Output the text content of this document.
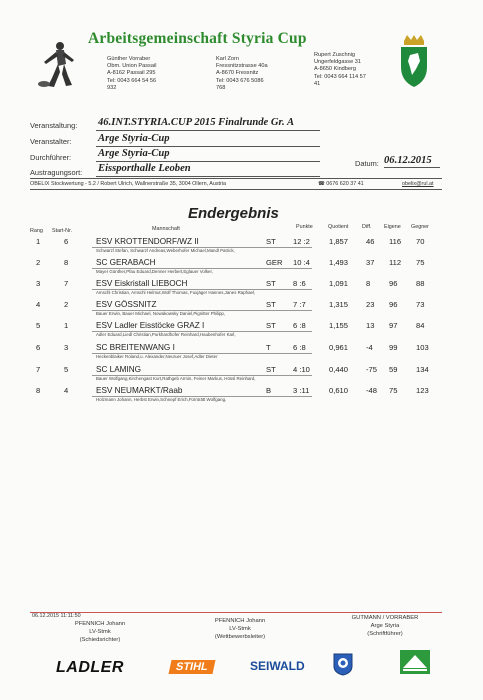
Arbeitsgemeinschaft Styria Cup
Günther Vorraber
Obm. Union Passail
A-8162 Passail 295
Tel: 0043 664 54 56
932
Karl Zorn
Fressnitzstrasse 40a
A-8670 Fressnitz
Tel: 0043 676 5086
768
Rupert Zuschnig
Ungerfeldgasse 31
A-8650 Kindberg
Tel: 0043 664 114 57
41
Veranstaltung: 46.INT.STYRIA.CUP 2015 Finalrunde Gr. A
Veranstalter:	Arge Styria-Cup
Durchführer:	Arge Styria-Cup
Austragungsort: Eissporthalle Leoben	Datum: 06.12.2015
OBELIX Stockwertung - 5.2 / Robert Ulrich, Wallnerstraße 35, 3004 Ollern, Austria	☎ 0676 620 37 41	obelix@rul.at
Endergebnis
Rang Start-Nr.	Mannschaft	Punkte	Quotient	Diff. Eigene Gegner
1	6	ESV KROTTENDORF/WZ II	ST 12 :2	1,857 46 116 70
Schwarzl Stefan, Schwarzl Andreas,Weberhofer Michael,Mandl Patrick,
2	8	SC GERABACH	GER 10 :4	1,493 37 112 75
Mayer Günther,Pfau Eduard,Denner Herbert,Eglauer Volker,
3	7	ESV Eiskristall LIEBOCH	ST 8 :6	1,091 8 96 88
Amschl Christian, Amschl Helmut,Wolf Thomas, Fuxjäger Hannes,Janes Raphael,
4	2	ESV GÖSSNITZ	ST 7 :7	1,315 23 96 73
Bauer Erwin, Bauer Michael, Nowakowsky Daniel,Pignitter Philipp,
5	1	ESV Ladler Eisstöcke GRAZ I	ST 6 :8	1,155 13 97 84
Adler Eduard,Liedl Christian,Purkhardhofer Reinhard,Haubenhofer Karl,
6	3	SC BREITENWANG I	T	6 :8	0,961 -4 99 103
Heckenblaiker Roland,u. Alexander,Neuruer Josef,Adler Dieter
7	5	SC LAMING	ST 4 :10	0,440 -75 59 134
Bauer Wolfgang,Kirchengast Kurt,Rathgeb Armin, Feiner Markus, Hössl Reinhard,
8	4	ESV NEUMARKT/Raab	B	3 :11	0,610 -48 75 123
Holzmann Johann, Herbst Erwin,Schnepf Erich,Fürnträtt Wolfgang,
06.12.2015 11:11:50
PFENNICH Johann
LV-Stmk
(Schiedsrichter)
PFENNICH Johann
LV-Stmk
(Wettbewerbsleiter)
GUTMANN / VORRABER
Arge Styria
(Schriftführer)
LADLER	STIHL	SEIWALD
